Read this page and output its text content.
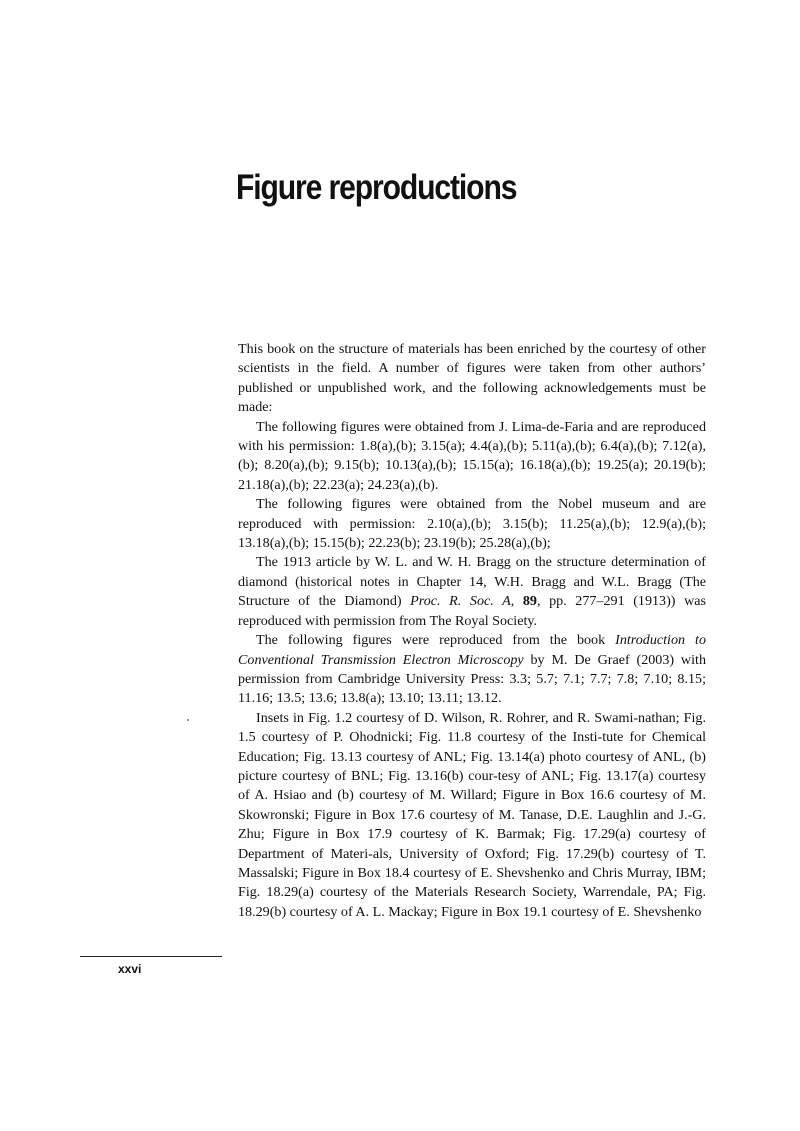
Figure reproductions

This book on the structure of materials has been enriched by the courtesy of other scientists in the field. A number of figures were taken from other authors’ published or unpublished work, and the following acknowledgements must be made:

The following figures were obtained from J. Lima-de-Faria and are reproduced with his permission: 1.8(a),(b); 3.15(a); 4.4(a),(b); 5.11(a),(b); 6.4(a),(b); 7.12(a),(b); 8.20(a),(b); 9.15(b); 10.13(a),(b); 15.15(a); 16.18(a),(b); 19.25(a); 20.19(b); 21.18(a),(b); 22.23(a); 24.23(a),(b).

The following figures were obtained from the Nobel museum and are reproduced with permission: 2.10(a),(b); 3.15(b); 11.25(a),(b); 12.9(a),(b); 13.18(a),(b); 15.15(b); 22.23(b); 23.19(b); 25.28(a),(b);

The 1913 article by W. L. and W. H. Bragg on the structure determination of diamond (historical notes in Chapter 14, W.H. Bragg and W.L. Bragg (The Structure of the Diamond) Proc. R. Soc. A, 89, pp. 277–291 (1913)) was reproduced with permission from The Royal Society.

The following figures were reproduced from the book Introduction to Conventional Transmission Electron Microscopy by M. De Graef (2003) with permission from Cambridge University Press: 3.3; 5.7; 7.1; 7.7; 7.8; 7.10; 8.15; 11.16; 13.5; 13.6; 13.8(a); 13.10; 13.11; 13.12.

Insets in Fig. 1.2 courtesy of D. Wilson, R. Rohrer, and R. Swami-nathan; Fig. 1.5 courtesy of P. Ohodnicki; Fig. 11.8 courtesy of the Insti-tute for Chemical Education; Fig. 13.13 courtesy of ANL; Fig. 13.14(a) photo courtesy of ANL, (b) picture courtesy of BNL; Fig. 13.16(b) cour-tesy of ANL; Fig. 13.17(a) courtesy of A. Hsiao and (b) courtesy of M. Willard; Figure in Box 16.6 courtesy of M. Skowronski; Figure in Box 17.6 courtesy of M. Tanase, D.E. Laughlin and J.-G. Zhu; Figure in Box 17.9 courtesy of K. Barmak; Fig. 17.29(a) courtesy of Department of Materi-als, University of Oxford; Fig. 17.29(b) courtesy of T. Massalski; Figure in Box 18.4 courtesy of E. Shevshenko and Chris Murray, IBM; Fig. 18.29(a) courtesy of the Materials Research Society, Warrendale, PA; Fig. 18.29(b) courtesy of A. L. Mackay; Figure in Box 19.1 courtesy of E. Shevshenko

xxvi
